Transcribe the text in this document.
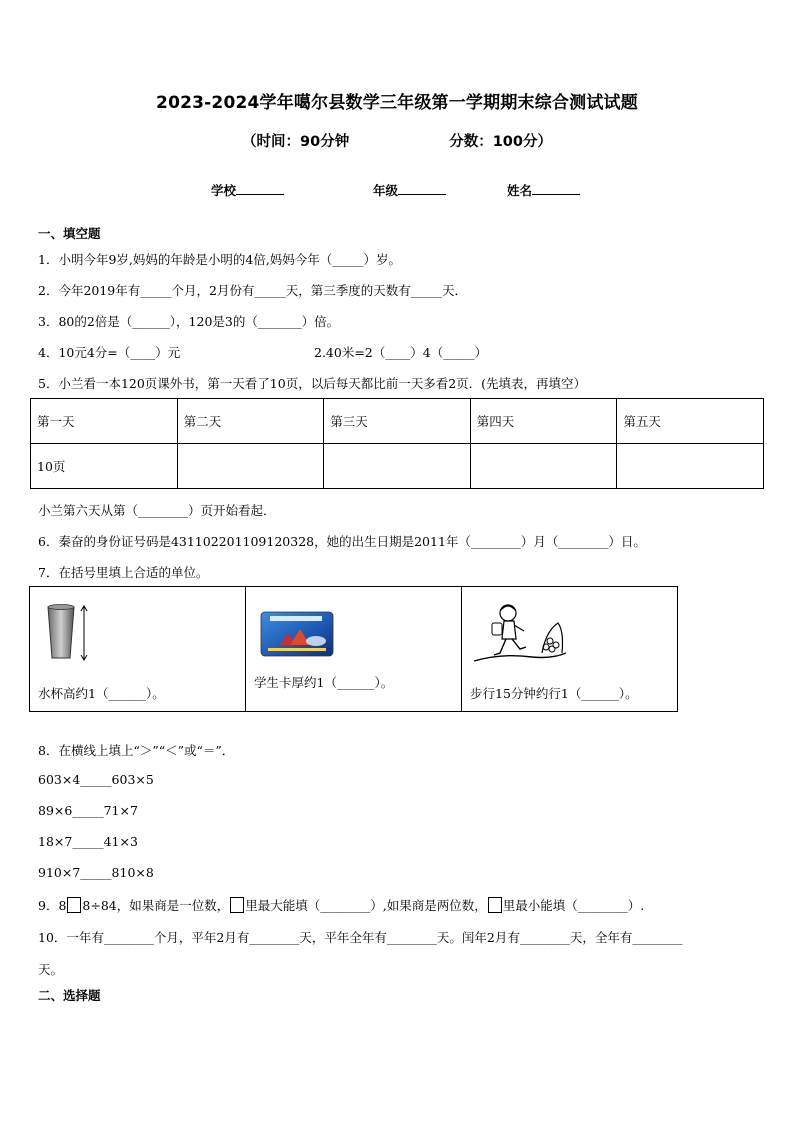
2023-2024学年噶尔县数学三年级第一学期期末综合测试试题
（时间：90分钟	分数：100分）
学校	年级	姓名
一、填空题
1．小明今年9岁,妈妈的年龄是小明的4倍,妈妈今年（_____）岁。
2．今年2019年有_____个月，2月份有_____天，第三季度的天数有_____天．
3．80的2倍是（______），120是3的（_______）倍。
4．10元4分=（____）元	2.40米=2（____）4（_____）
5．小兰看一本120页课外书，第一天看了10页，以后每天都比前一天多看2页．(先填表，再填空）
第一天	第二天	第三天	第四天	第五天
10页				
小兰第六天从第（________）页开始看起．
6．秦奋的身份证号码是431102201109120328，她的出生日期是2011年（________）月（________）日。
7．在括号里填上合适的单位。
水杯高约1（______）。

学生卡厚约1（______）。

步行15分钟约行1（______）。
8．在横线上填上“＞”“＜”或“＝”．
603×4_____603×5
89×6_____71×7
18×7_____41×3
910×7_____810×8
9．8 8÷84，如果商是一位数， 里最大能填（________）,如果商是两位数， 里最小能填（________）.
10．一年有________个月，平年2月有________天，平年全年有________天。闰年2月有________天，全年有________
天。
二、选择题
